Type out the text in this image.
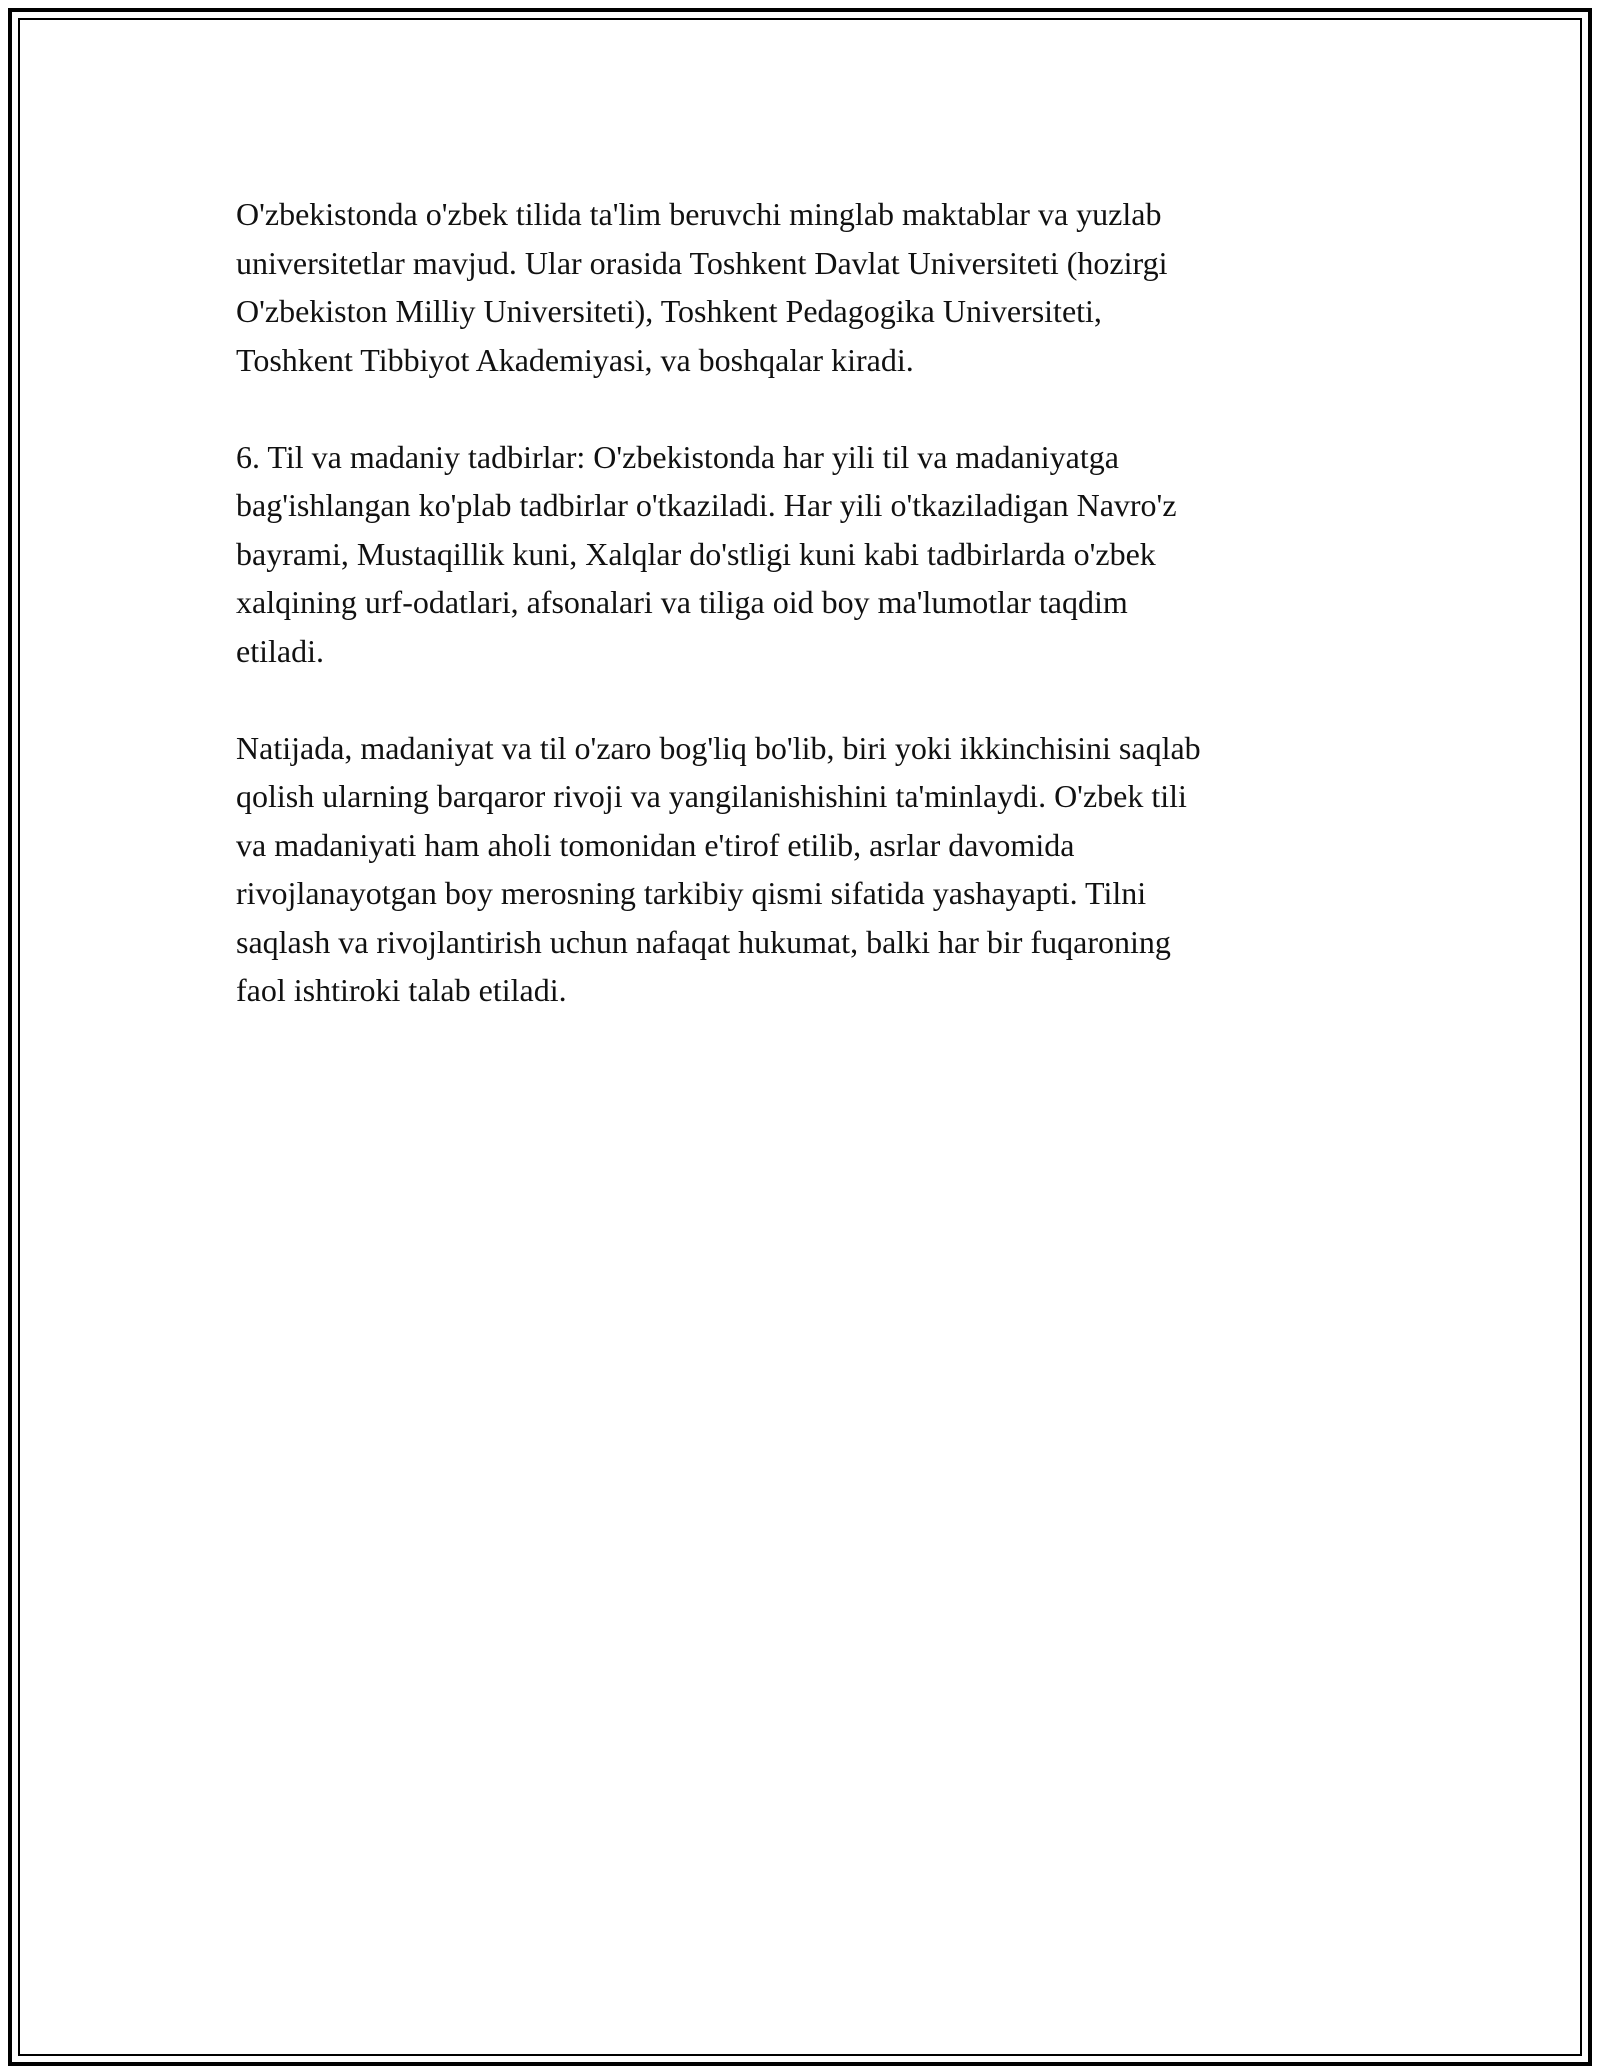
O'zbekistonda o'zbek tilida ta'lim beruvchi minglab maktablar va yuzlab
universitetlar mavjud. Ular orasida Toshkent Davlat Universiteti (hozirgi
O'zbekiston Milliy Universiteti), Toshkent Pedagogika Universiteti,
Toshkent Tibbiyot Akademiyasi, va boshqalar kiradi.

6. Til va madaniy tadbirlar: O'zbekistonda har yili til va madaniyatga
bag'ishlangan ko'plab tadbirlar o'tkaziladi. Har yili o'tkaziladigan Navro'z
bayrami, Mustaqillik kuni, Xalqlar do'stligi kuni kabi tadbirlarda o'zbek
xalqining urf-odatlari, afsonalari va tiliga oid boy ma'lumotlar taqdim
etiladi.

Natijada, madaniyat va til o'zaro bog'liq bo'lib, biri yoki ikkinchisini saqlab
qolish ularning barqaror rivoji va yangilanishishini ta'minlaydi. O'zbek tili
va madaniyati ham aholi tomonidan e'tirof etilib, asrlar davomida
rivojlanayotgan boy merosning tarkibiy qismi sifatida yashayapti. Tilni
saqlash va rivojlantirish uchun nafaqat hukumat, balki har bir fuqaroning
faol ishtiroki talab etiladi.
